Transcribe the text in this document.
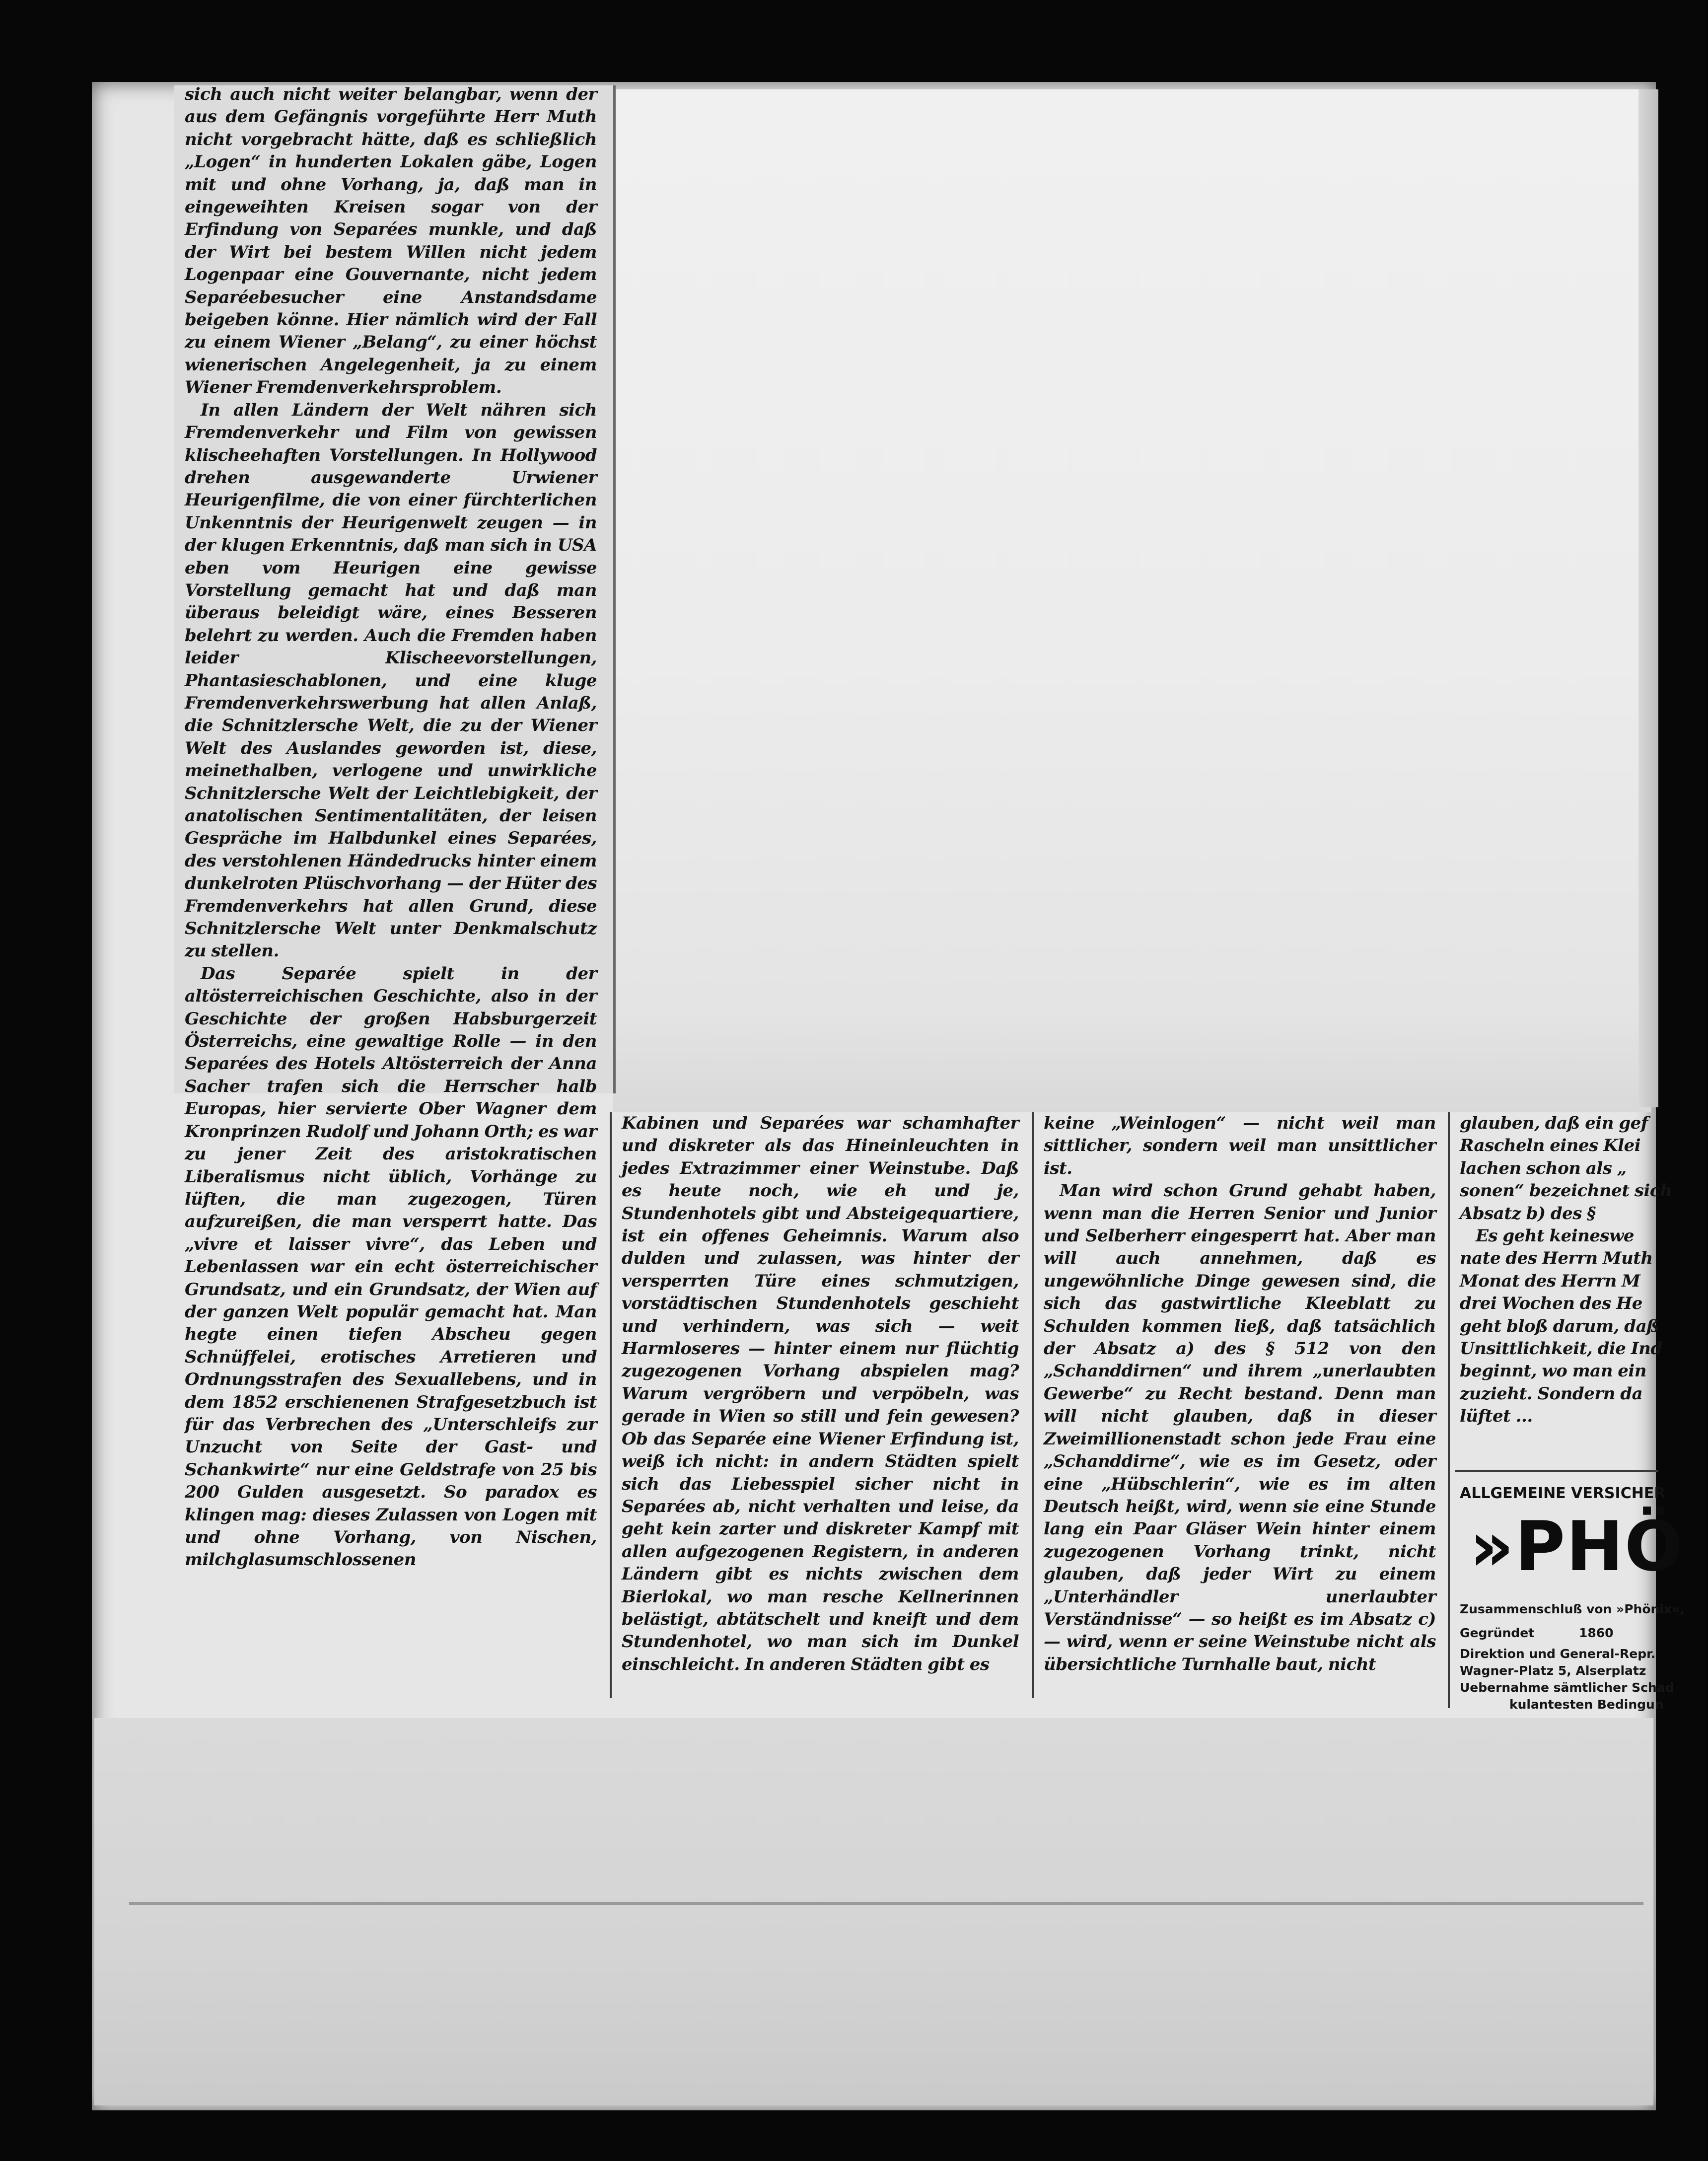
sich auch nicht weiter belangbar, wenn der aus dem Gefängnis vorgeführte Herr Muth nicht vorgebracht hätte, daß es schließlich „Logen“ in hunderten Lokalen gäbe, Logen mit und ohne Vorhang, ja, daß man in eingeweihten Kreisen sogar von der Erfindung von Separées munkle, und daß der Wirt bei bestem Willen nicht jedem Logenpaar eine Gouvernante, nicht jedem Separéebesucher eine Anstandsdame beigeben könne. Hier nämlich wird der Fall zu einem Wiener „Belang“, zu einer höchst wienerischen Angelegenheit, ja zu einem Wiener Fremdenverkehrsproblem.

In allen Ländern der Welt nähren sich Fremdenverkehr und Film von gewissen klischeehaften Vorstellungen. In Hollywood drehen ausgewanderte Urwiener Heurigenfilme, die von einer fürchterlichen Unkenntnis der Heurigenwelt zeugen — in der klugen Erkenntnis, daß man sich in USA eben vom Heurigen eine gewisse Vorstellung gemacht hat und daß man überaus beleidigt wäre, eines Besseren belehrt zu werden. Auch die Fremden haben leider Klischeevorstellungen, Phantasieschablonen, und eine kluge Fremdenverkehrswerbung hat allen Anlaß, die Schnitzlersche Welt, die zu der Wiener Welt des Auslandes geworden ist, diese, meinethalben, verlogene und unwirkliche Schnitzlersche Welt der Leichtlebigkeit, der anatolischen Sentimentalitäten, der leisen Gespräche im Halbdunkel eines Separées, des verstohlenen Händedrucks hinter einem dunkelroten Plüschvorhang — der Hüter des Fremdenverkehrs hat allen Grund, diese Schnitzlersche Welt unter Denkmalschutz zu stellen.

Das Separée spielt in der altösterreichischen Geschichte, also in der Geschichte der großen Habsburgerzeit Österreichs, eine gewaltige Rolle — in den Separées des Hotels Altösterreich der Anna Sacher trafen sich die Herrscher halb Europas, hier servierte Ober Wagner dem Kronprinzen Rudolf und Johann Orth; es war zu jener Zeit des aristokratischen Liberalismus nicht üblich, Vorhänge zu lüften, die man zugezogen, Türen aufzureißen, die man versperrt hatte. Das „vivre et laisser vivre“, das Leben und Lebenlassen war ein echt österreichischer Grundsatz, und ein Grundsatz, der Wien auf der ganzen Welt populär gemacht hat. Man hegte einen tiefen Abscheu gegen Schnüffelei, erotisches Arretieren und Ordnungsstrafen des Sexuallebens, und in dem 1852 erschienenen Strafgesetzbuch ist für das Verbrechen des „Unterschleifs zur Unzucht von Seite der Gast- und Schankwirte“ nur eine Geldstrafe von 25 bis 200 Gulden ausgesetzt. So paradox es klingen mag: dieses Zulassen von Logen mit und ohne Vorhang, von Nischen, milchglasumschlossenen

Kabinen und Separées war schamhafter und diskreter als das Hineinleuchten in jedes Extrazimmer einer Weinstube. Daß es heute noch, wie eh und je, Stundenhotels gibt und Absteigequartiere, ist ein offenes Geheimnis. Warum also dulden und zulassen, was hinter der versperrten Türe eines schmutzigen, vorstädtischen Stundenhotels geschieht und verhindern, was sich — weit Harmloseres — hinter einem nur flüchtig zugezogenen Vorhang abspielen mag? Warum vergröbern und verpöbeln, was gerade in Wien so still und fein gewesen? Ob das Separée eine Wiener Erfindung ist, weiß ich nicht: in andern Städten spielt sich das Liebesspiel sicher nicht in Separées ab, nicht verhalten und leise, da geht kein zarter und diskreter Kampf mit allen aufgezogenen Registern, in anderen Ländern gibt es nichts zwischen dem Bierlokal, wo man resche Kellnerinnen belästigt, abtätschelt und kneift und dem Stundenhotel, wo man sich im Dunkel einschleicht. In anderen Städten gibt es

keine „Weinlogen“ — nicht weil man sittlicher, sondern weil man unsittlicher ist.

Man wird schon Grund gehabt haben, wenn man die Herren Senior und Junior und Selberherr eingesperrt hat. Aber man will auch annehmen, daß es ungewöhnliche Dinge gewesen sind, die sich das gastwirtliche Kleeblatt zu Schulden kommen ließ, daß tatsächlich der Absatz a) des § 512 von den „Schanddirnen“ und ihrem „unerlaubten Gewerbe“ zu Recht bestand. Denn man will nicht glauben, daß in dieser Zweimillionenstadt schon jede Frau eine „Schanddirne“, wie es im Gesetz, oder eine „Hübschlerin“, wie es im alten Deutsch heißt, wird, wenn sie eine Stunde lang ein Paar Gläser Wein hinter einem zugezogenen Vorhang trinkt, nicht glauben, daß jeder Wirt zu einem „Unterhändler unerlaubter Verständnisse“ — so heißt es im Absatz c) — wird, wenn er seine Weinstube nicht als übersichtliche Turnhalle baut, nicht

glauben, daß ein gef Rascheln eines Klei lachen schon als „ sonen“ bezeichnet sich Absatz b) des §

Es geht keineswe nate des Herrn Muth Monat des Herrn M drei Wochen des He geht bloß darum, daß Unsittlichkeit, die Ind beginnt, wo man ein zuzieht. Sondern da lüftet ...

ALLGEMEINE VERSICHER
»PHÖ
Zusammenschluß von »Phönix«,
Gegründet	1860
Direktion und General-Repr.
Wagner-Platz 5, Alserplatz
Uebernahme sämtlicher Schad
kulantesten Bedingun
